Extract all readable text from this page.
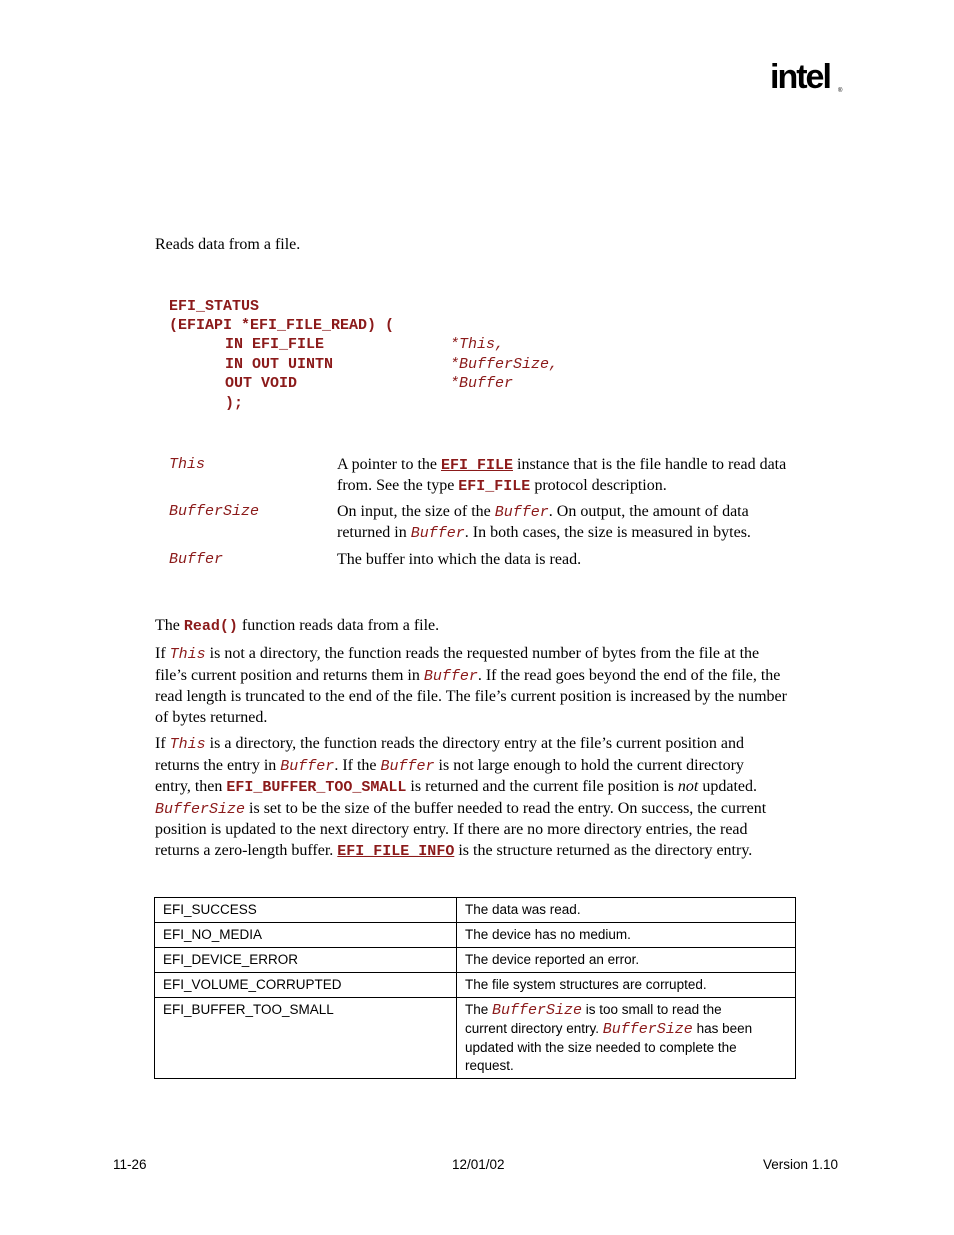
intel ®
Reads data from a file.
EFI_STATUS
(EFIAPI *EFI_FILE_READ) (
IN EFI_FILE	*This,
IN OUT UINTN	*BufferSize,
OUT VOID	*Buffer
);
This	A pointer to the EFI_FILE instance that is the file handle to read data
from. See the type EFI_FILE protocol description.
BufferSize	On input, the size of the Buffer. On output, the amount of data
returned in Buffer. In both cases, the size is measured in bytes.
Buffer	The buffer into which the data is read.
The Read() function reads data from a file.
If This is not a directory, the function reads the requested number of bytes from the file at the
file’s current position and returns them in Buffer. If the read goes beyond the end of the file, the
read length is truncated to the end of the file. The file’s current position is increased by the number
of bytes returned.
If This is a directory, the function reads the directory entry at the file’s current position and
returns the entry in Buffer. If the Buffer is not large enough to hold the current directory
entry, then EFI_BUFFER_TOO_SMALL is returned and the current file position is not updated.
BufferSize is set to be the size of the buffer needed to read the entry. On success, the current
position is updated to the next directory entry. If there are no more directory entries, the read
returns a zero-length buffer. EFI_FILE_INFO is the structure returned as the directory entry.
EFI_SUCCESS	The data was read.
EFI_NO_MEDIA	The device has no medium.
EFI_DEVICE_ERROR	The device reported an error.
EFI_VOLUME_CORRUPTED	The file system structures are corrupted.
EFI_BUFFER_TOO_SMALL	The BufferSize is too small to read the
current directory entry. BufferSize has been
updated with the size needed to complete the
request.
11-26	12/01/02	Version 1.10
